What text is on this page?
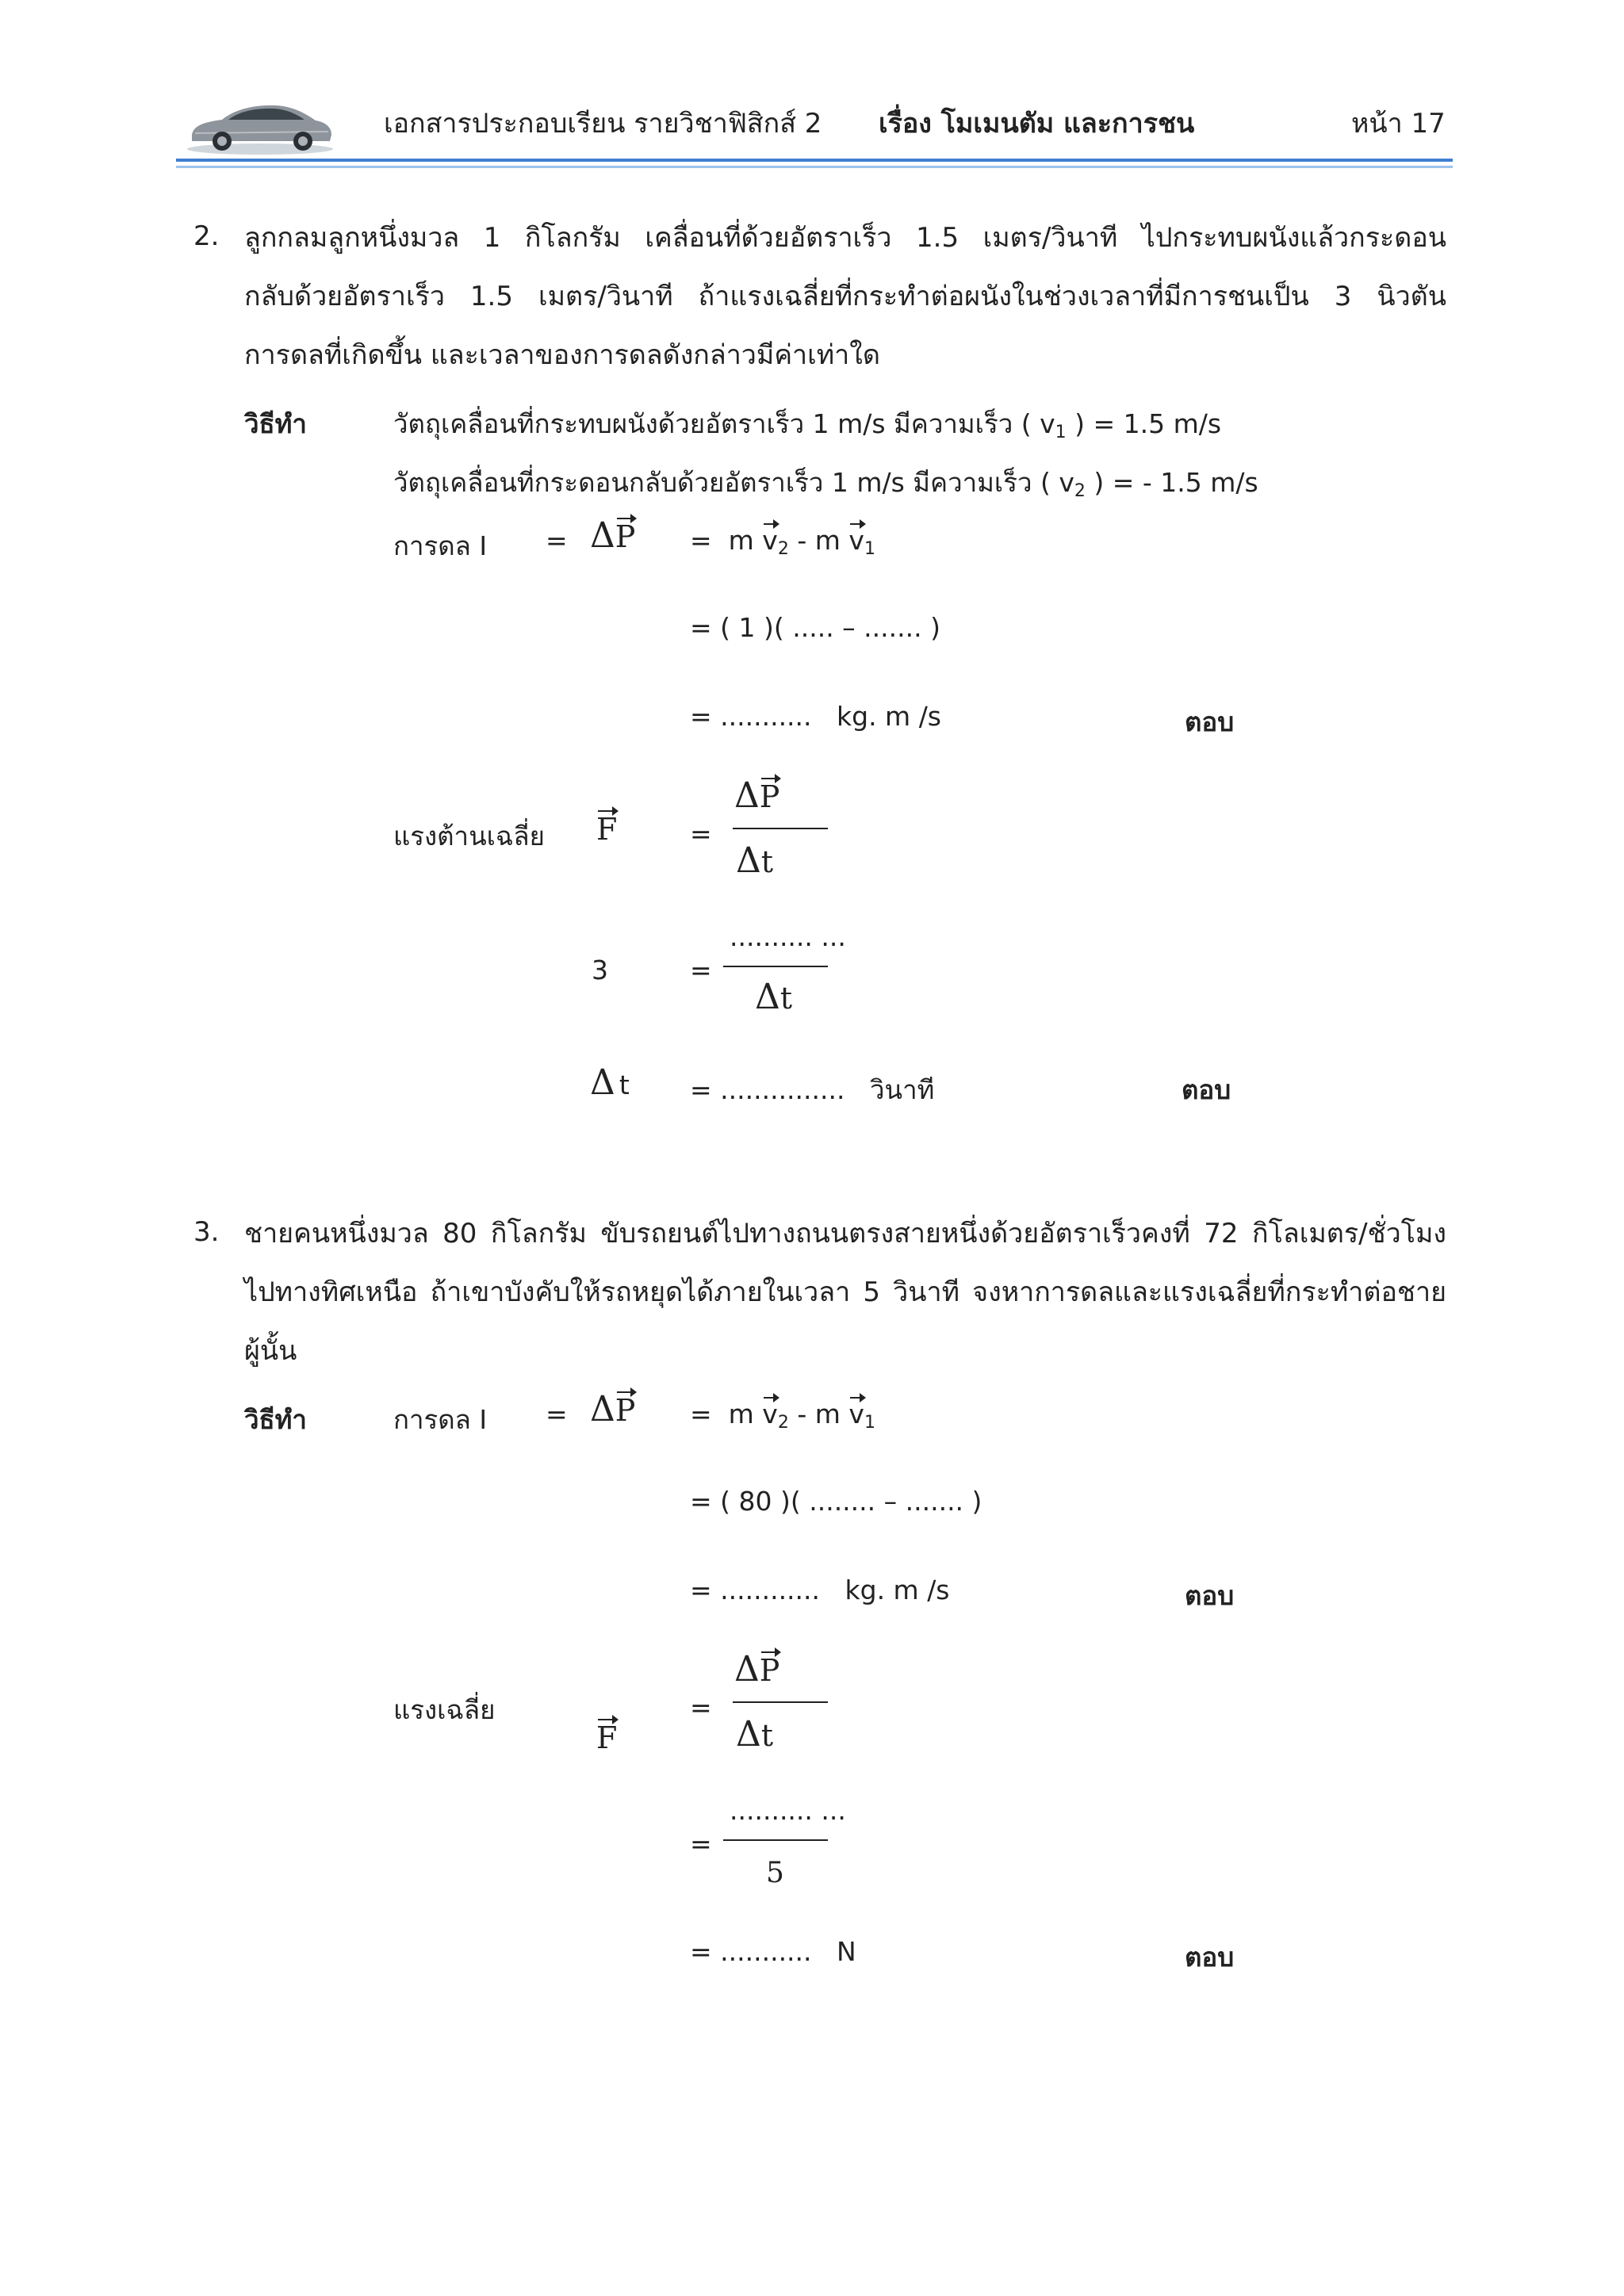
เอกสารประกอบเรียน รายวิชาฟิสิกส์ 2 เรื่อง โมเมนตัม และการชน	หน้า 17
2. ลูกกลมลูกหนึ่งมวล 1 กิโลกรัม เคลื่อนที่ด้วยอัตราเร็ว 1.5 เมตร/วินาที ไปกระทบผนังแล้วกระดอน
กลับด้วยอัตราเร็ว 1.5 เมตร/วินาที ถ้าแรงเฉลี่ยที่กระทำต่อผนังในช่วงเวลาที่มีการชนเป็น 3 นิวตัน
การดลที่เกิดขึ้น และเวลาของการดลดังกล่าวมีค่าเท่าใด
วิธีทำ	วัตถุเคลื่อนที่กระทบผนังด้วยอัตราเร็ว 1 m/s มีความเร็ว ( $v_1$ ) = 1.5 m/s
วัตถุเคลื่อนที่กระดอนกลับด้วยอัตราเร็ว 1 m/s มีความเร็ว ( $v_2$ ) = - 1.5 m/s
การดล I = ΔP = m $v_2$ - m $v_1$
= ( 1 )( ..... – ....... )
= ........... kg. m /s	ตอบ
แรงต้านเฉลี่ย F	=
ΔP
Δt
3	=
.......... ...
Δt
Δ t = ............... วินาที	ตอบ
3. ชายคนหนึ่งมวล 80 กิโลกรัม ขับรถยนต์ไปทางถนนตรงสายหนึ่งด้วยอัตราเร็วคงที่ 72 กิโลเมตร/ชั่วโมง
ไปทางทิศเหนือ ถ้าเขาบังคับให้รถหยุดได้ภายในเวลา 5 วินาที จงหาการดลและแรงเฉลี่ยที่กระทำต่อชาย
ผู้นั้น
วิธีทำ	การดล I = ΔP = m $v_2$ - m $v_1$
= ( 80 )( ........ – ....... )
= ............ kg. m /s	ตอบ
แรงเฉลี่ย
F
=
ΔP
Δt
=
.......... ...
5
= ........... N	ตอบ
